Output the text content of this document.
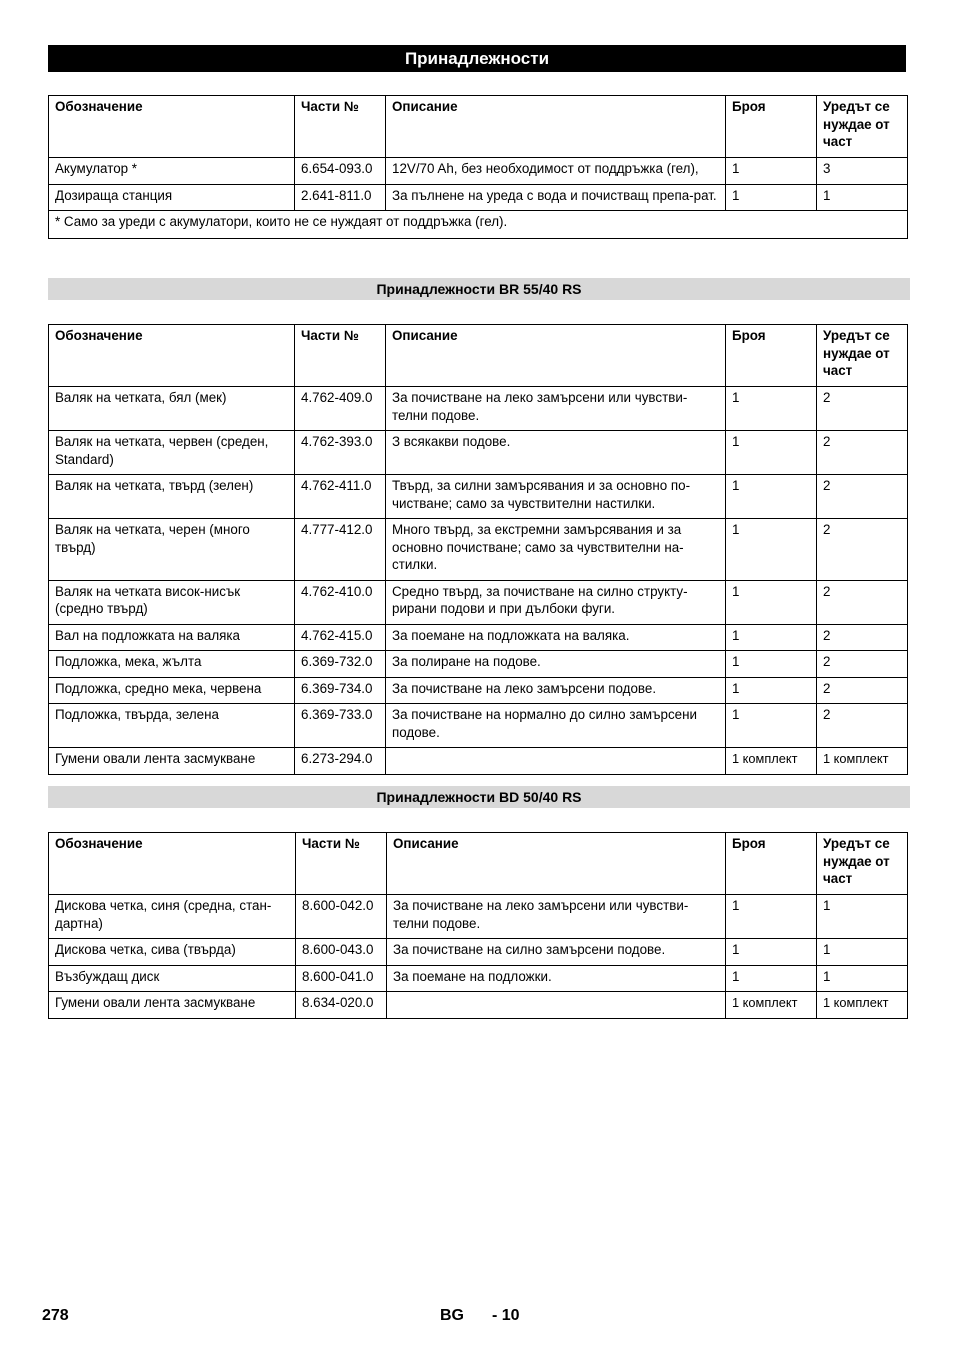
Принадлежности
Обозначение	Части №	Описание	Броя	Уредът се нуждае от част
Акумулатор *	6.654-093.0	12V/70 Ah, без необходимост от поддръжка (гел),	1	3
Дозираща станция	2.641-811.0	За пълнене на уреда с вода и почистващ препа-рат.	1	1
* Само за уреди с акумулатори, които не се нуждаят от поддръжка (гел).				
Принадлежности BR 55/40 RS
Обозначение	Части №	Описание	Броя	Уредът се нуждае от част
Валяк на четката, бял (мек)	4.762-409.0	За почистване на леко замърсени или чувстви-телни подове.	1	2
Валяк на четката, червен (среден, Standard)	4.762-393.0	З всякакви подове.	1	2
Валяк на четката, твърд (зелен)	4.762-411.0	Твърд, за силни замърсявания и за основно по-чистване; само за чувствителни настилки.	1	2
Валяк на четката, черен (много твърд)	4.777-412.0	Много твърд, за екстремни замърсявания и за основно почистване; само за чувствителни на-стилки.	1	2
Валяк на четката висок-нисък (средно твърд)	4.762-410.0	Средно твърд, за почистване на силно структу-рирани подови и при дълбоки фуги.	1	2
Вал на подложката на валяка	4.762-415.0	За поемане на подложката на валяка.	1	2
Подложка, мека, жълта	6.369-732.0	За полиране на подове.	1	2
Подложка, средно мека, червена	6.369-734.0	За почистване на леко замърсени подове.	1	2
Подложка, твърда, зелена	6.369-733.0	За почистване на нормално до силно замърсени подове.	1	2
Гумени овали лента засмукване	6.273-294.0		1 комплект	1 комплект
Принадлежности BD 50/40 RS
Обозначение	Части №	Описание	Броя	Уредът се нуждае от част
Дискова четка, синя (средна, стан-дартна)	8.600-042.0	За почистване на леко замърсени или чувстви-телни подове.	1	1
Дискова четка, сива (твърда)	8.600-043.0	За почистване на силно замърсени подове.	1	1
Възбуждащ диск	8.600-041.0	За поемане на подложки.	1	1
Гумени овали лента засмукване	8.634-020.0		1 комплект	1 комплект
278	BG - 10
